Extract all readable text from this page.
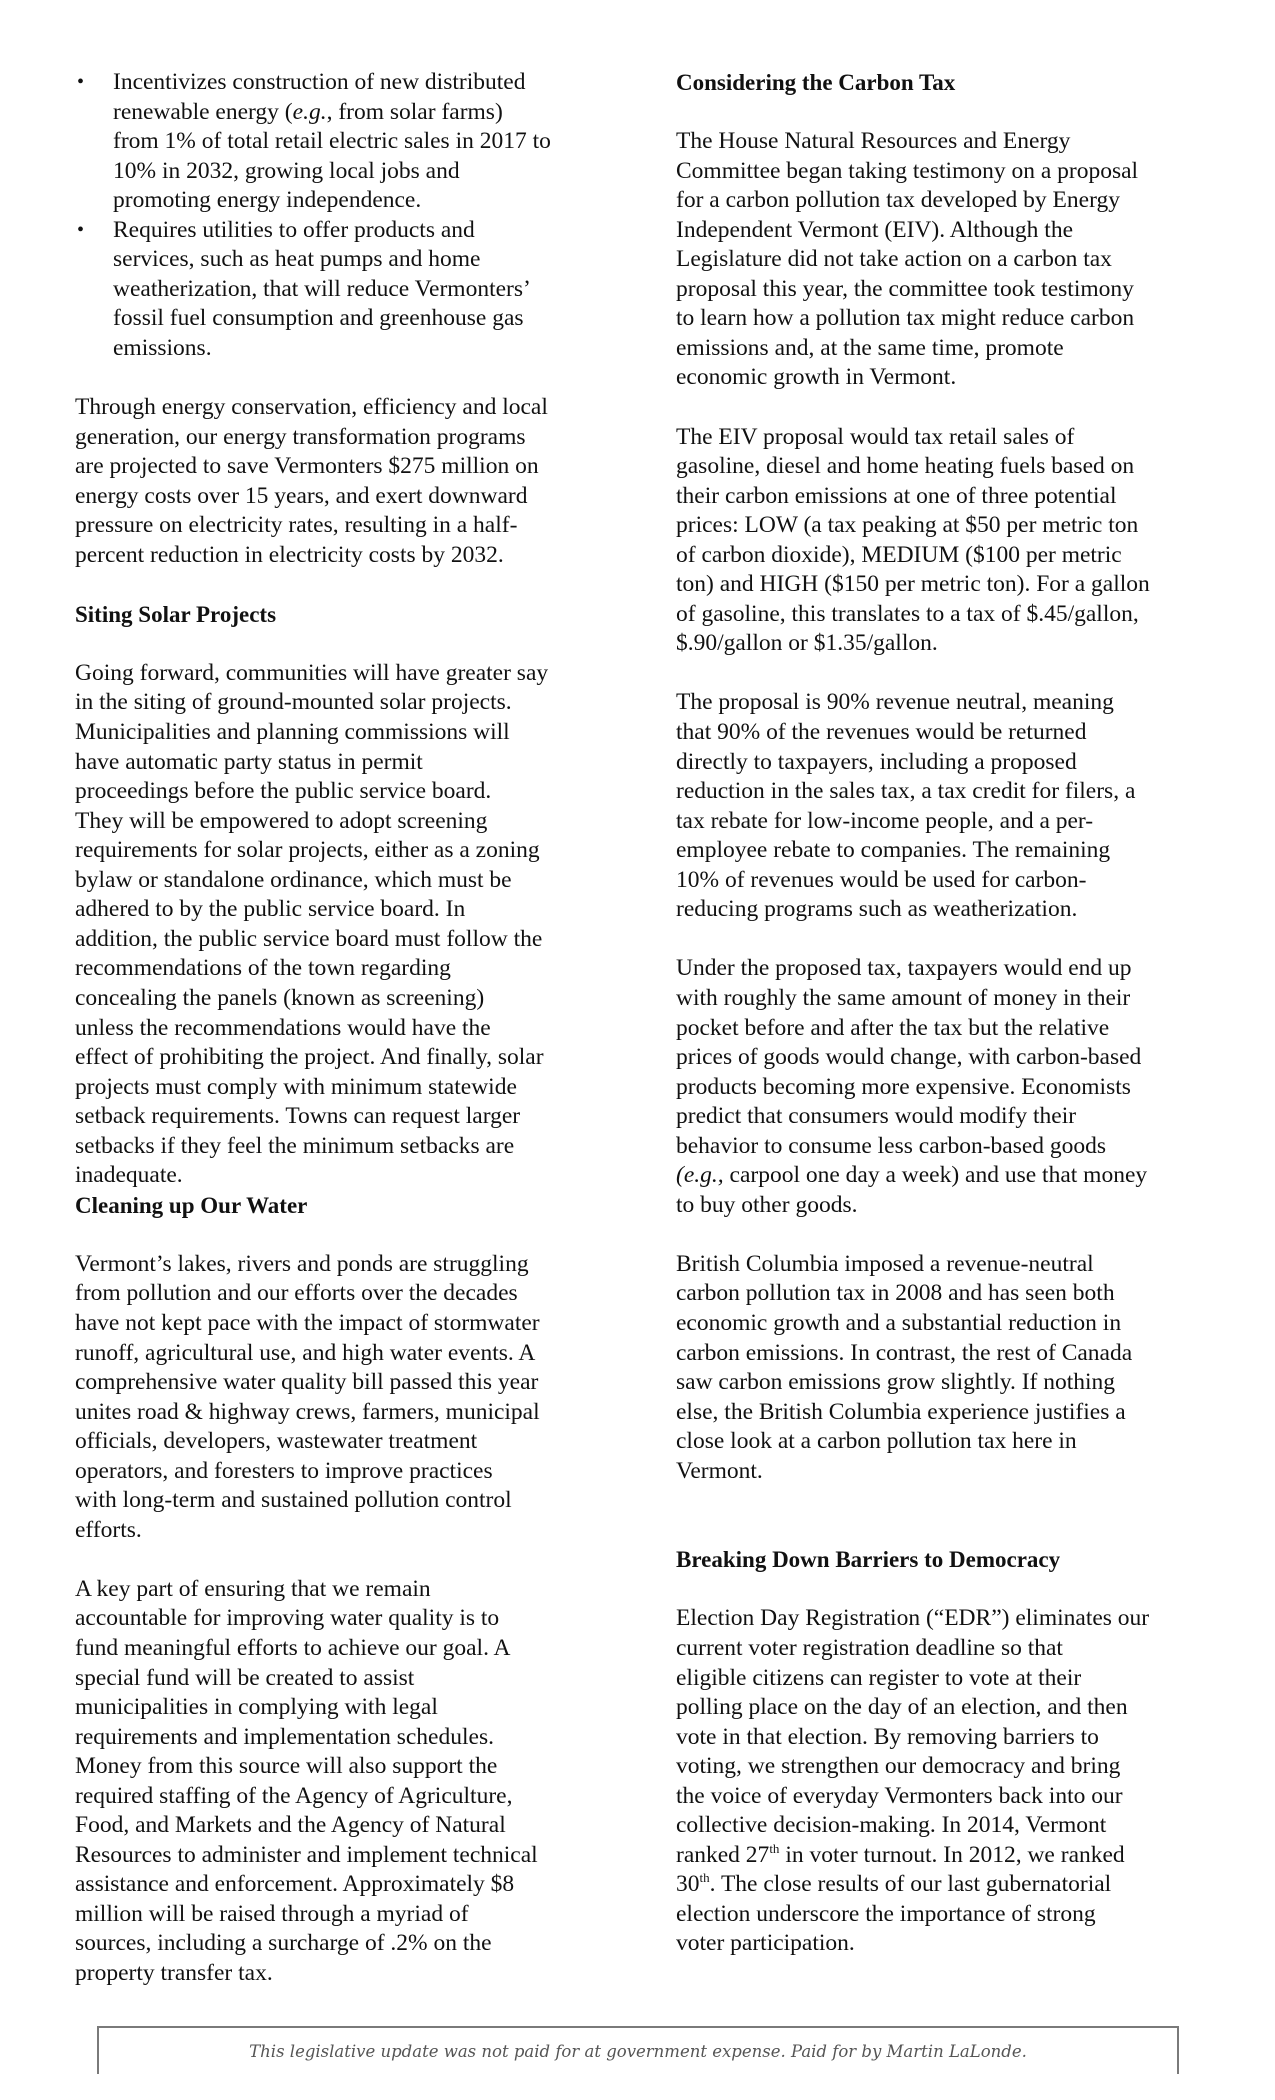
• Incentivizes construction of new distributed
renewable energy (e.g., from solar farms)
from 1% of total retail electric sales in 2017 to
10% in 2032, growing local jobs and
promoting energy independence.
• Requires utilities to offer products and
services, such as heat pumps and home
weatherization, that will reduce Vermonters’
fossil fuel consumption and greenhouse gas
emissions.
Through energy conservation, efficiency and local
generation, our energy transformation programs
are projected to save Vermonters $275 million on
energy costs over 15 years, and exert downward
pressure on electricity rates, resulting in a half-
percent reduction in electricity costs by 2032.
Siting Solar Projects
Going forward, communities will have greater say
in the siting of ground-mounted solar projects.
Municipalities and planning commissions will
have automatic party status in permit
proceedings before the public service board.
They will be empowered to adopt screening
requirements for solar projects, either as a zoning
bylaw or standalone ordinance, which must be
adhered to by the public service board. In
addition, the public service board must follow the
recommendations of the town regarding
concealing the panels (known as screening)
unless the recommendations would have the
effect of prohibiting the project. And finally, solar
projects must comply with minimum statewide
setback requirements. Towns can request larger
setbacks if they feel the minimum setbacks are
inadequate.
Cleaning up Our Water
Vermont’s lakes, rivers and ponds are struggling
from pollution and our efforts over the decades
have not kept pace with the impact of stormwater
runoff, agricultural use, and high water events. A
comprehensive water quality bill passed this year
unites road & highway crews, farmers, municipal
officials, developers, wastewater treatment
operators, and foresters to improve practices
with long-term and sustained pollution control
efforts.
A key part of ensuring that we remain
accountable for improving water quality is to
fund meaningful efforts to achieve our goal. A
special fund will be created to assist
municipalities in complying with legal
requirements and implementation schedules.
Money from this source will also support the
required staffing of the Agency of Agriculture,
Food, and Markets and the Agency of Natural
Resources to administer and implement technical
assistance and enforcement. Approximately $8
million will be raised through a myriad of
sources, including a surcharge of .2% on the
property transfer tax.
Considering the Carbon Tax
The House Natural Resources and Energy
Committee began taking testimony on a proposal
for a carbon pollution tax developed by Energy
Independent Vermont (EIV). Although the
Legislature did not take action on a carbon tax
proposal this year, the committee took testimony
to learn how a pollution tax might reduce carbon
emissions and, at the same time, promote
economic growth in Vermont.
The EIV proposal would tax retail sales of
gasoline, diesel and home heating fuels based on
their carbon emissions at one of three potential
prices: LOW (a tax peaking at $50 per metric ton
of carbon dioxide), MEDIUM ($100 per metric
ton) and HIGH ($150 per metric ton). For a gallon
of gasoline, this translates to a tax of $.45/gallon,
$.90/gallon or $1.35/gallon.
The proposal is 90% revenue neutral, meaning
that 90% of the revenues would be returned
directly to taxpayers, including a proposed
reduction in the sales tax, a tax credit for filers, a
tax rebate for low-income people, and a per-
employee rebate to companies. The remaining
10% of revenues would be used for carbon-
reducing programs such as weatherization.
Under the proposed tax, taxpayers would end up
with roughly the same amount of money in their
pocket before and after the tax but the relative
prices of goods would change, with carbon-based
products becoming more expensive. Economists
predict that consumers would modify their
behavior to consume less carbon-based goods
(e.g., carpool one day a week) and use that money
to buy other goods.
British Columbia imposed a revenue-neutral
carbon pollution tax in 2008 and has seen both
economic growth and a substantial reduction in
carbon emissions. In contrast, the rest of Canada
saw carbon emissions grow slightly. If nothing
else, the British Columbia experience justifies a
close look at a carbon pollution tax here in
Vermont.
Breaking Down Barriers to Democracy
Election Day Registration (“EDR”) eliminates our
current voter registration deadline so that
eligible citizens can register to vote at their
polling place on the day of an election, and then
vote in that election. By removing barriers to
voting, we strengthen our democracy and bring
the voice of everyday Vermonters back into our
collective decision-making. In 2014, Vermont
ranked 27th in voter turnout. In 2012, we ranked
30th. The close results of our last gubernatorial
election underscore the importance of strong
voter participation.
This legislative update was not paid for at government expense. Paid for by Martin LaLonde.
